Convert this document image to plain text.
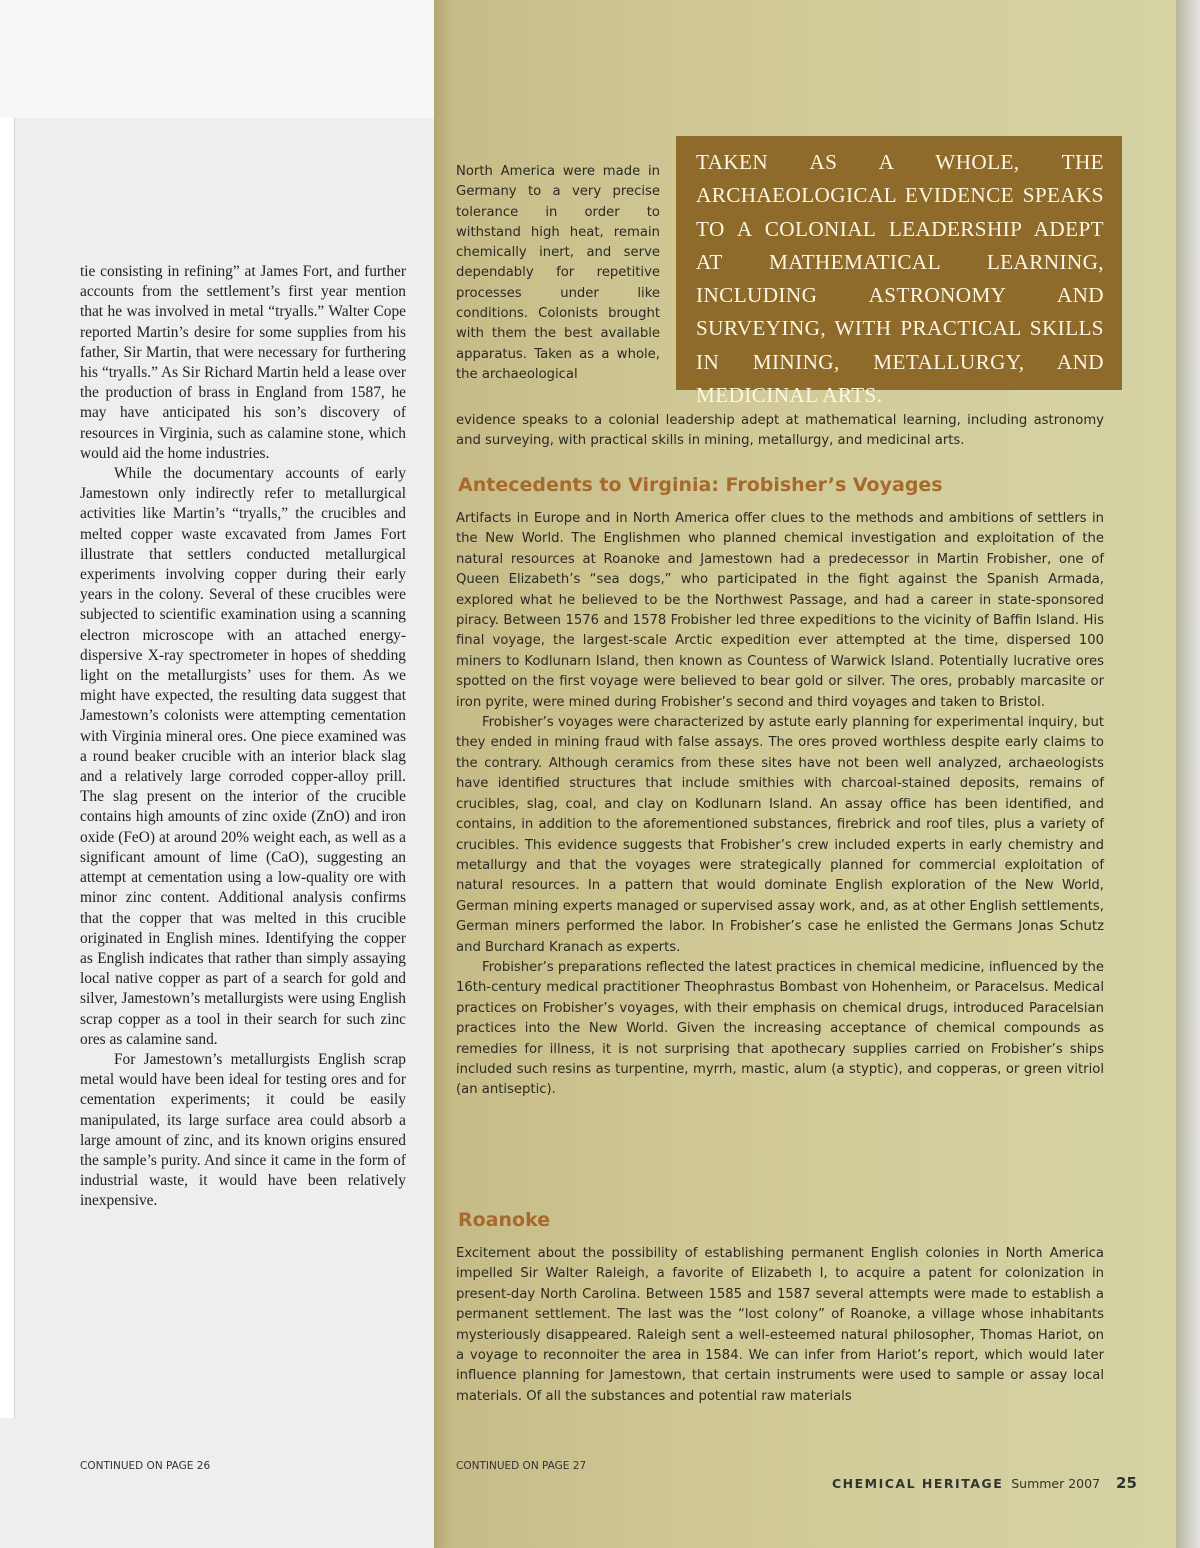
tie consisting in refining” at James Fort, and further accounts from the settlement’s first year mention that he was involved in metal “tryalls.” Walter Cope reported Martin’s desire for some supplies from his father, Sir Martin, that were necessary for furthering his “tryalls.” As Sir Richard Martin held a lease over the production of brass in England from 1587, he may have anticipated his son’s discovery of resources in Virginia, such as calamine stone, which would aid the home industries.

While the documentary accounts of early Jamestown only indirectly refer to metallurgical activities like Martin’s “tryalls,” the crucibles and melted copper waste excavated from James Fort illustrate that settlers conducted metallurgical experiments involving copper during their early years in the colony. Several of these crucibles were subjected to scientific examination using a scanning electron microscope with an attached energy-dispersive X-ray spectrometer in hopes of shedding light on the metallurgists’ uses for them. As we might have expected, the resulting data suggest that Jamestown’s colonists were attempting cementation with Virginia mineral ores. One piece examined was a round beaker crucible with an interior black slag and a relatively large corroded copper-alloy prill. The slag present on the interior of the crucible contains high amounts of zinc oxide (ZnO) and iron oxide (FeO) at around 20% weight each, as well as a significant amount of lime (CaO), suggesting an attempt at cementation using a low-quality ore with minor zinc content. Additional analysis confirms that the copper that was melted in this crucible originated in English mines. Identifying the copper as English indicates that rather than simply assaying local native copper as part of a search for gold and silver, Jamestown’s metallurgists were using English scrap copper as a tool in their search for such zinc ores as calamine sand.

For Jamestown’s metallurgists English scrap metal would have been ideal for testing ores and for cementation experiments; it could be easily manipulated, its large surface area could absorb a large amount of zinc, and its known origins ensured the sample’s purity. And since it came in the form of industrial waste, it would have been relatively inexpensive.

North America were made in Germany to a very precise tolerance in order to withstand high heat, remain chemically inert, and serve dependably for repetitive processes under like conditions. Colonists brought with them the best available apparatus. Taken as a whole, the archaeological
TAKEN AS A WHOLE, THE ARCHAEOLOGICAL EVIDENCE SPEAKS TO A COLONIAL LEADERSHIP ADEPT AT MATHEMATICAL LEARNING, INCLUDING ASTRONOMY AND SURVEYING, WITH PRACTICAL SKILLS IN MINING, METALLURGY, AND MEDICINAL ARTS.
evidence speaks to a colonial leadership adept at mathematical learning, including astronomy and surveying, with practical skills in mining, metallurgy, and medicinal arts.
Antecedents to Virginia: Frobisher’s Voyages

Artifacts in Europe and in North America offer clues to the methods and ambitions of settlers in the New World. The Englishmen who planned chemical investigation and exploitation of the natural resources at Roanoke and Jamestown had a predecessor in Martin Frobisher, one of Queen Elizabeth’s “sea dogs,” who participated in the fight against the Spanish Armada, explored what he believed to be the Northwest Passage, and had a career in state-sponsored piracy. Between 1576 and 1578 Frobisher led three expeditions to the vicinity of Baffin Island. His final voyage, the largest-scale Arctic expedition ever attempted at the time, dispersed 100 miners to Kodlunarn Island, then known as Countess of Warwick Island. Potentially lucrative ores spotted on the first voyage were believed to bear gold or silver. The ores, probably marcasite or iron pyrite, were mined during Frobisher’s second and third voyages and taken to Bristol.

Frobisher’s voyages were characterized by astute early planning for experimental inquiry, but they ended in mining fraud with false assays. The ores proved worthless despite early claims to the contrary. Although ceramics from these sites have not been well analyzed, archaeologists have identified structures that include smithies with charcoal-stained deposits, remains of crucibles, slag, coal, and clay on Kodlunarn Island. An assay office has been identified, and contains, in addition to the aforementioned substances, firebrick and roof tiles, plus a variety of crucibles. This evidence suggests that Frobisher’s crew included experts in early chemistry and metallurgy and that the voyages were strategically planned for commercial exploitation of natural resources. In a pattern that would dominate English exploration of the New World, German mining experts managed or supervised assay work, and, as at other English settlements, German miners performed the labor. In Frobisher’s case he enlisted the Germans Jonas Schutz and Burchard Kranach as experts.

Frobisher’s preparations reflected the latest practices in chemical medicine, influenced by the 16th-century medical practitioner Theophrastus Bombast von Hohenheim, or Paracelsus. Medical practices on Frobisher’s voyages, with their emphasis on chemical drugs, introduced Paracelsian practices into the New World. Given the increasing acceptance of chemical compounds as remedies for illness, it is not surprising that apothecary supplies carried on Frobisher’s ships included such resins as turpentine, myrrh, mastic, alum (a styptic), and copperas, or green vitriol (an antiseptic).

Roanoke

Excitement about the possibility of establishing permanent English colonies in North America impelled Sir Walter Raleigh, a favorite of Elizabeth I, to acquire a patent for colonization in present-day North Carolina. Between 1585 and 1587 several attempts were made to establish a permanent settlement. The last was the “lost colony” of Roanoke, a village whose inhabitants mysteriously disappeared. Raleigh sent a well-esteemed natural philosopher, Thomas Hariot, on a voyage to reconnoiter the area in 1584. We can infer from Hariot’s report, which would later influence planning for Jamestown, that certain instruments were used to sample or assay local materials. Of all the substances and potential raw materials

CONTINUED ON PAGE 26	CONTINUED ON PAGE 27
CHEMICAL HERITAGE Summer 2007 25
